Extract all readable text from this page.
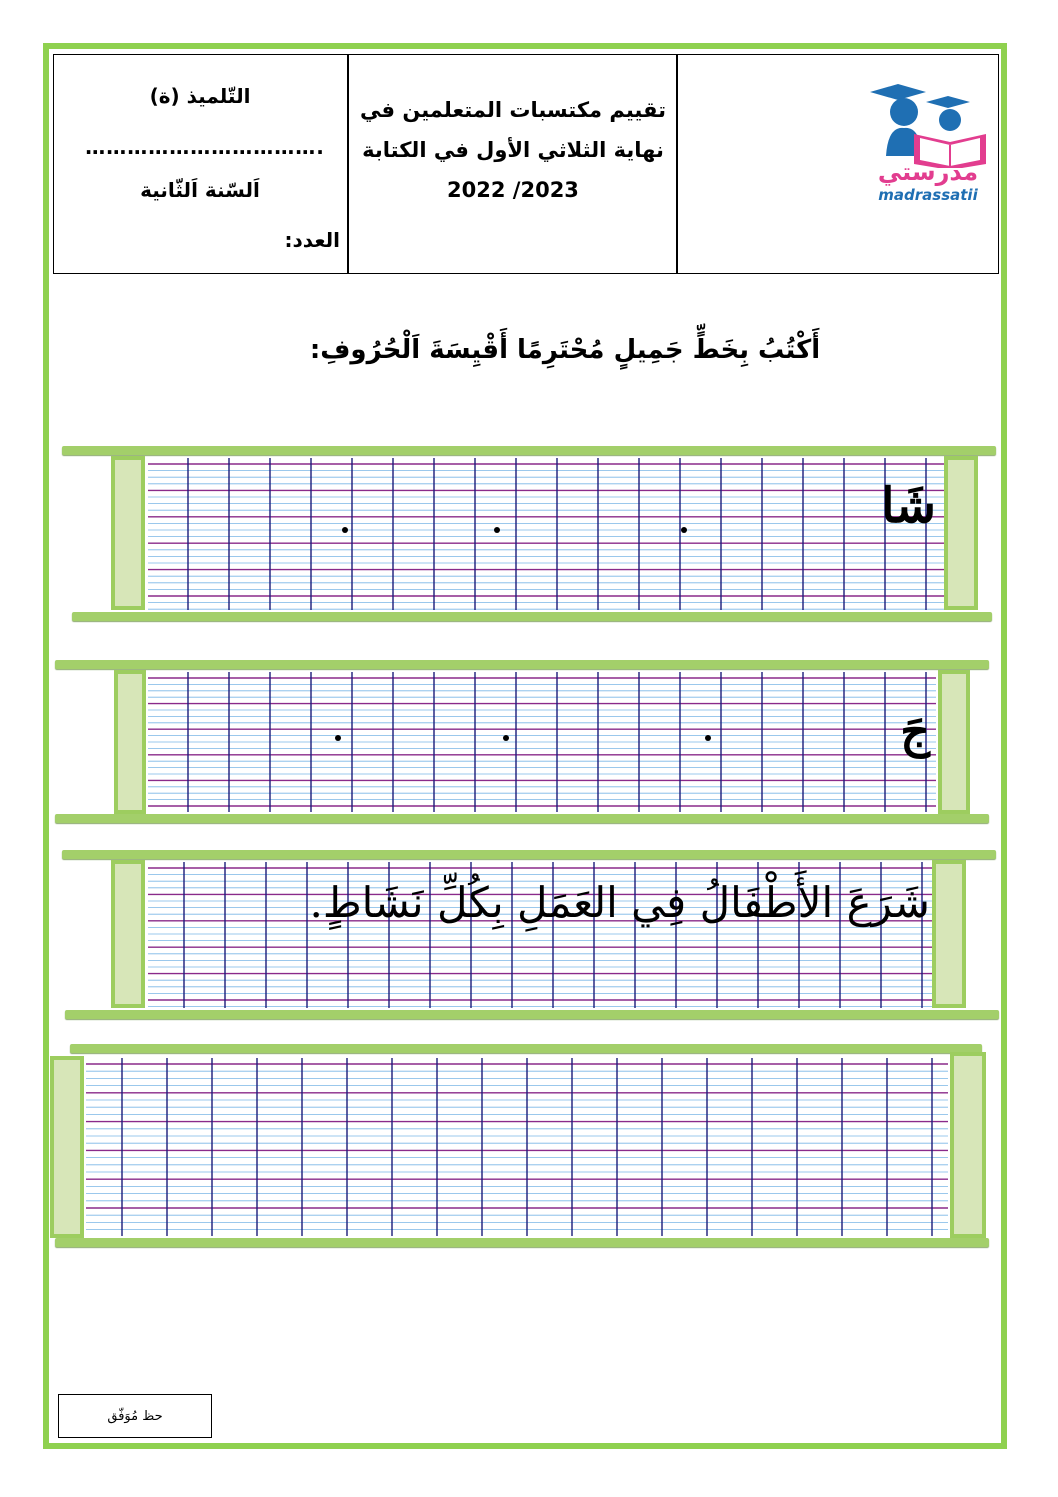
التّلميذ (ة)
…………………………….
اَلسّنة اَلثّانية
العدد:
تقييم مكتسبات المتعلمين في
نهاية الثلاثي الأول في الكتابة
2022 /2023
مدرستي
madrassatii
أَكْتُبُ بِخَطٍّ جَمِيلٍ مُحْتَرِمًا أَقْيِسَةَ اَلْحُرُوفِ:
شَا
جَ
شَرَعَ الأَطْفَالُ فِي العَمَلِ بِكُلِّ نَشَاطٍ.
حظ مُوَفّق
